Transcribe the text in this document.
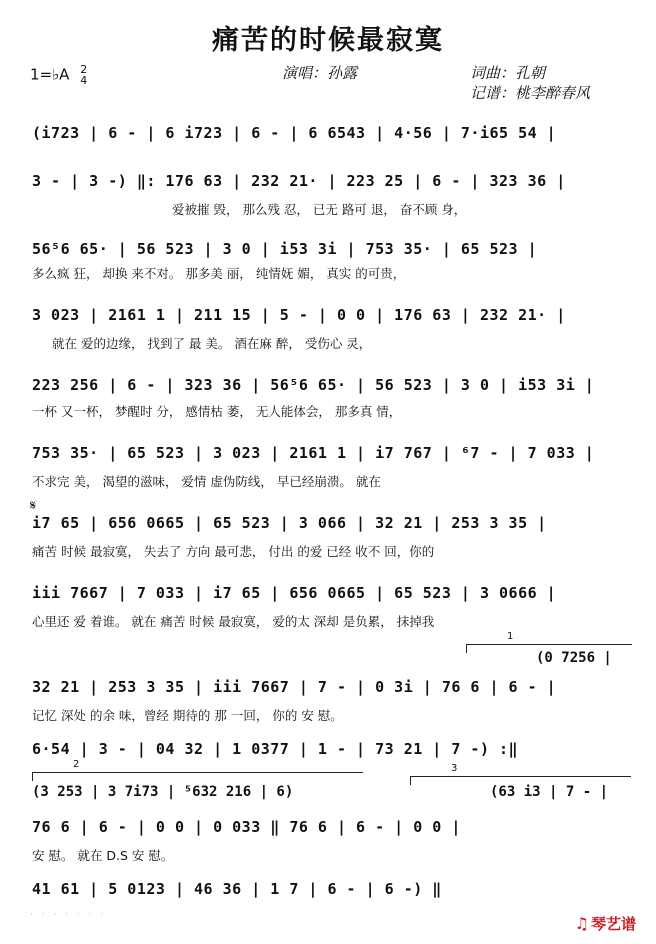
痛苦的时候最寂寞
1=♭A 2
4	演唱：孙露	词曲：孔朝
记谱：桃李醉春风
(i723 | 6 - | 6 i723 | 6 - | 6 6543 | 4·56 | 7·i65 54 |
3 - | 3 -) ‖: 176 63 | 232 21· | 223 25 | 6 - | 323 36 |
爱被摧 毁， 那么残 忍， 已无 路可 退， 奋不顾 身，
56⁵6 65· | 56 523 | 3 0 | i53 3i | 753 35· | 65 523 |
多么疯 狂， 却换 来不对。 那多美 丽， 纯情妩 媚， 真实 的可贵，
3 023 | 2161 1 | 211 15 | 5 - | 0 0 | 176 63 | 232 21· |
就在 爱的边缘， 找到了 最 美。 酒在麻 醉， 受伤心 灵，
223 256 | 6 - | 323 36 | 56⁵6 65· | 56 523 | 3 0 | i53 3i |
一杯 又一杯， 梦醒时 分， 感情枯 萎， 无人能体会， 那多真 情，
753 35· | 65 523 | 3 023 | 2161 1 | i7 767 | ⁶7 - | 7 033 |
不求完 美， 渴望的滋味， 爱情 虚伪防线， 早已经崩溃。 就在
𝄋
i7 65 | 656 0665 | 65 523 | 3 066 | 32 21 | 253 3 35 |
痛苦 时候 最寂寞， 失去了 方向 最可悲， 付出 的爱 已经 收不 回，你的
iii 7667 | 7 033 | i7 65 | 656 0665 | 65 523 | 3 0666 |
心里还 爱 着谁。 就在 痛苦 时候 最寂寞， 爱的太 深却 是负累， 抹掉我
1
(0 7256 |
32 21 | 253 3 35 | iii 7667 | 7 - | 0 3i | 76 6 | 6 - |
记忆 深处 的余 味，曾经 期待的 那 一回， 你的 安 慰。
6·54 | 3 - | 04 32 | 1 0377 | 1 - | 73 21 | 7 -) :‖
2	3
(3 253 | 3 7i73 | ⁵632 216 | 6)	(63 i3 | 7 - |
76 6 | 6 - | 0 0 | 0 033 ‖ 76 6 | 6 - | 0 0 |
安 慰。 就在 D.S 安 慰。
41 61 | 5 0123 | 46 36 | 1 7 | 6 - | 6 -) ‖
· · · · · · ·	♫ 琴艺谱
